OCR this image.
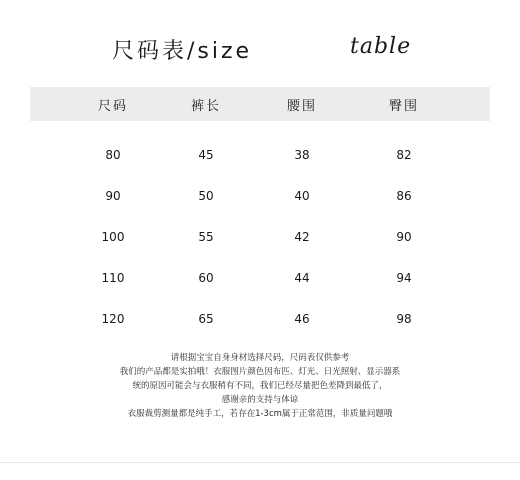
尺码表/size	table
尺码	裤长	腰围	臀围
80	45	38	82
90	50	40	86
100	55	42	90
110	60	44	94
120	65	46	98
请根据宝宝自身身材选择尺码，尺码表仅供参考
我们的产品都是实拍哦！衣服图片颜色因布匹、灯光、日光照射、显示器系
统的原因可能会与衣服稍有不同，我们已经尽量把色差降到最低了，
感谢亲的支持与体谅
衣服裁剪测量都是纯手工，若存在1-3cm属于正常范围，非质量问题哦
